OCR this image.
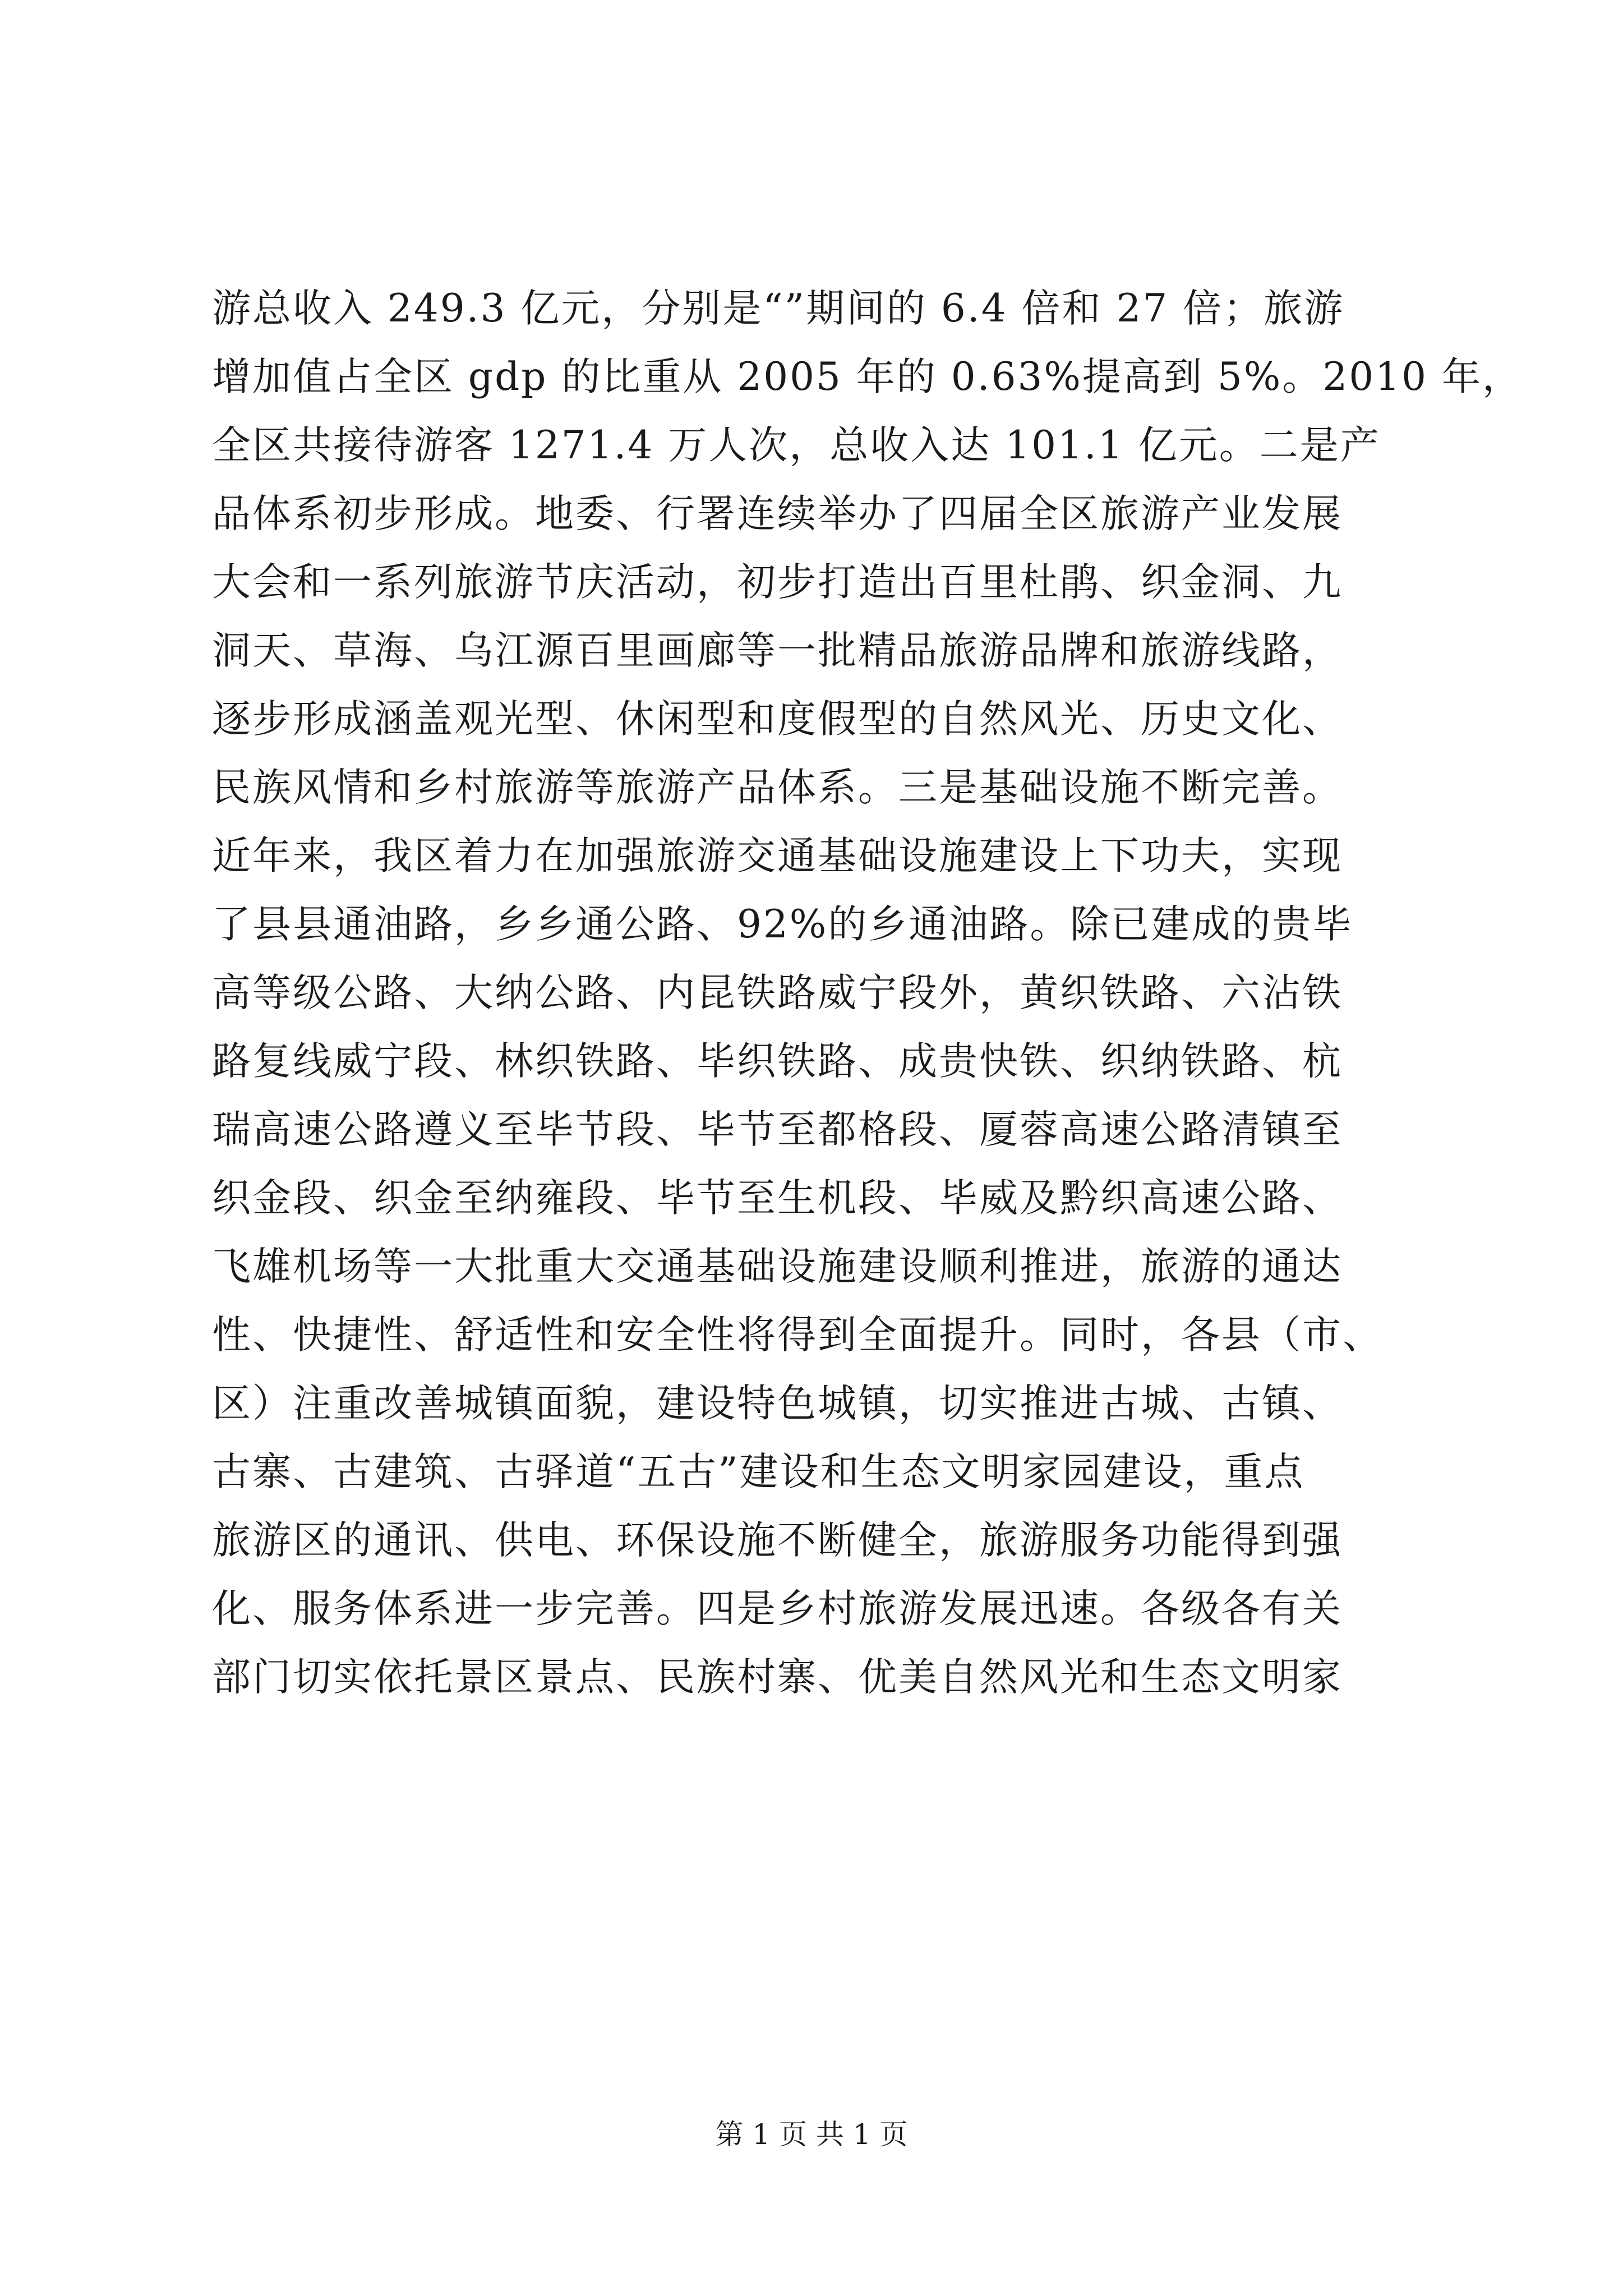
游总收入 249.3 亿元，分别是“”期间的 6.4 倍和 27 倍；旅游
增加值占全区 gdp 的比重从 2005 年的 0.63%提高到 5%。2010 年，
全区共接待游客 1271.4 万人次，总收入达 101.1 亿元。二是产
品体系初步形成。地委、行署连续举办了四届全区旅游产业发展
大会和一系列旅游节庆活动，初步打造出百里杜鹃、织金洞、九
洞天、草海、乌江源百里画廊等一批精品旅游品牌和旅游线路，
逐步形成涵盖观光型、休闲型和度假型的自然风光、历史文化、
民族风情和乡村旅游等旅游产品体系。三是基础设施不断完善。
近年来，我区着力在加强旅游交通基础设施建设上下功夫，实现
了县县通油路，乡乡通公路、92%的乡通油路。除已建成的贵毕
高等级公路、大纳公路、内昆铁路威宁段外，黄织铁路、六沾铁
路复线威宁段、林织铁路、毕织铁路、成贵快铁、织纳铁路、杭
瑞高速公路遵义至毕节段、毕节至都格段、厦蓉高速公路清镇至
织金段、织金至纳雍段、毕节至生机段、毕威及黔织高速公路、
飞雄机场等一大批重大交通基础设施建设顺利推进，旅游的通达
性、快捷性、舒适性和安全性将得到全面提升。同时，各县（市、
区）注重改善城镇面貌，建设特色城镇，切实推进古城、古镇、
古寨、古建筑、古驿道“五古”建设和生态文明家园建设，重点
旅游区的通讯、供电、环保设施不断健全，旅游服务功能得到强
化、服务体系进一步完善。四是乡村旅游发展迅速。各级各有关
部门切实依托景区景点、民族村寨、优美自然风光和生态文明家
第 1 页 共 1 页
